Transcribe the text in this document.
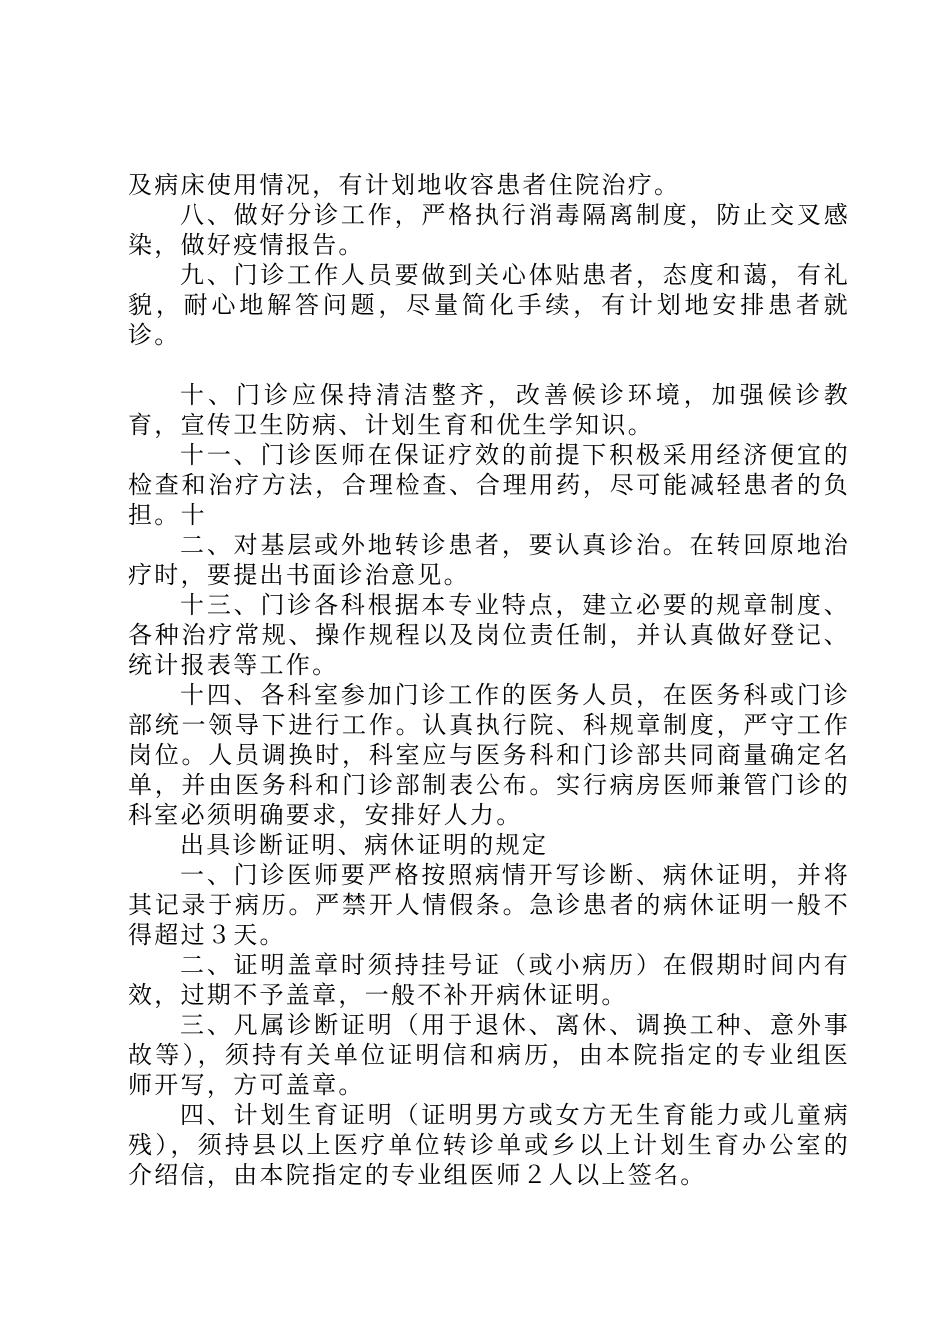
及病床使用情况，有计划地收容患者住院治疗。

八、做好分诊工作，严格执行消毒隔离制度，防止交叉感染，做好疫情报告。

九、门诊工作人员要做到关心体贴患者，态度和蔼，有礼貌，耐心地解答问题，尽量简化手续，有计划地安排患者就诊。

十、门诊应保持清洁整齐，改善候诊环境，加强候诊教育，宣传卫生防病、计划生育和优生学知识。

十一、门诊医师在保证疗效的前提下积极采用经济便宜的检查和治疗方法，合理检查、合理用药，尽可能减轻患者的负担。十

二、对基层或外地转诊患者，要认真诊治。在转回原地治疗时，要提出书面诊治意见。

十三、门诊各科根据本专业特点，建立必要的规章制度、各种治疗常规、操作规程以及岗位责任制，并认真做好登记、统计报表等工作。

十四、各科室参加门诊工作的医务人员，在医务科或门诊部统一领导下进行工作。认真执行院、科规章制度，严守工作岗位。人员调换时，科室应与医务科和门诊部共同商量确定名单，并由医务科和门诊部制表公布。实行病房医师兼管门诊的科室必须明确要求，安排好人力。

出具诊断证明、病休证明的规定

一、门诊医师要严格按照病情开写诊断、病休证明，并将其记录于病历。严禁开人情假条。急诊患者的病休证明一般不得超过３天。

二、证明盖章时须持挂号证（或小病历）在假期时间内有效，过期不予盖章，一般不补开病休证明。

三、凡属诊断证明（用于退休、离休、调换工种、意外事故等），须持有关单位证明信和病历，由本院指定的专业组医师开写，方可盖章。

四、计划生育证明（证明男方或女方无生育能力或儿童病残），须持县以上医疗单位转诊单或乡以上计划生育办公室的介绍信，由本院指定的专业组医师２人以上签名。
